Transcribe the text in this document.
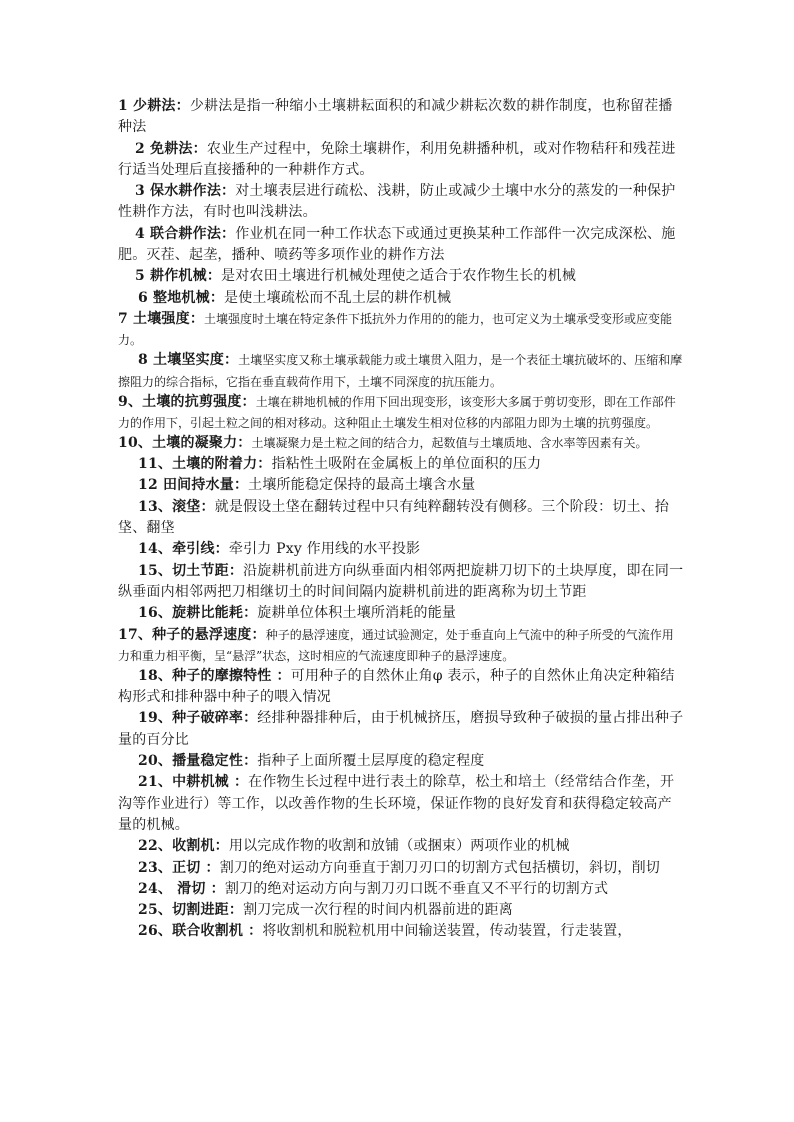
1 少耕法：少耕法是指一种缩小土壤耕耘面积的和减少耕耘次数的耕作制度，也称留茬播种法

2 免耕法：农业生产过程中，免除土壤耕作，利用免耕播种机，或对作物秸秆和残茬进行适当处理后直接播种的一种耕作方式。

3 保水耕作法：对土壤表层进行疏松、浅耕，防止或减少土壤中水分的蒸发的一种保护性耕作方法，有时也叫浅耕法。

4 联合耕作法：作业机在同一种工作状态下或通过更换某种工作部件一次完成深松、施肥。灭茬、起垄，播种、喷药等多项作业的耕作方法

5 耕作机械：是对农田土壤进行机械处理使之适合于农作物生长的机械

6 整地机械：是使土壤疏松而不乱土层的耕作机械

7 土壤强度：土壤强度时土壤在特定条件下抵抗外力作用的的能力，也可定义为土壤承受变形或应变能力。

8 土壤坚实度：土壤坚实度又称土壤承载能力或土壤贯入阻力，是一个表征土壤抗破坏的、压缩和摩擦阻力的综合指标，它指在垂直载荷作用下，土壤不同深度的抗压能力。

9、土壤的抗剪强度：土壤在耕地机械的作用下回出现变形，该变形大多属于剪切变形，即在工作部件力的作用下，引起土粒之间的相对移动。这种阻止土壤发生相对位移的内部阻力即为土壤的抗剪强度。

10、土壤的凝聚力：土壤凝聚力是土粒之间的结合力，起数值与土壤质地、含水率等因素有关。

11、土壤的附着力：指粘性土吸附在金属板上的单位面积的压力

12 田间持水量：土壤所能稳定保持的最高土壤含水量

13、滚垡：就是假设土垡在翻转过程中只有纯粹翻转没有侧移。三个阶段：切土、抬垡、翻垡

14、牵引线：牵引力 Pxy 作用线的水平投影

15、切土节距：沿旋耕机前进方向纵垂面内相邻两把旋耕刀切下的土块厚度，即在同一纵垂面内相邻两把刀相继切土的时间间隔内旋耕机前进的距离称为切土节距

16、旋耕比能耗：旋耕单位体积土壤所消耗的能量

17、种子的悬浮速度：种子的悬浮速度，通过试验测定，处于垂直向上气流中的种子所受的气流作用力和重力相平衡，呈“悬浮”状态，这时相应的气流速度即种子的悬浮速度。

18、种子的摩擦特性 ：可用种子的自然休止角φ 表示，种子的自然休止角决定种箱结构形式和排种器中种子的喂入情况

19、种子破碎率：经排种器排种后，由于机械挤压，磨损导致种子破损的量占排出种子量的百分比

20、播量稳定性：指种子上面所覆土层厚度的稳定程度

21、中耕机械 ：在作物生长过程中进行表土的除草，松土和培土（经常结合作垄，开沟等作业进行）等工作，以改善作物的生长环境，保证作物的良好发育和获得稳定较高产量的机械。

22、收割机：用以完成作物的收割和放铺（或捆束）两项作业的机械

23、正切 ：割刀的绝对运动方向垂直于割刀刃口的切割方式包括横切，斜切，削切

24、 滑切 ：割刀的绝对运动方向与割刀刃口既不垂直又不平行的切割方式

25、切割进距：割刀完成一次行程的时间内机器前进的距离

26、联合收割机 ：将收割机和脱粒机用中间输送装置，传动装置，行走装置，
